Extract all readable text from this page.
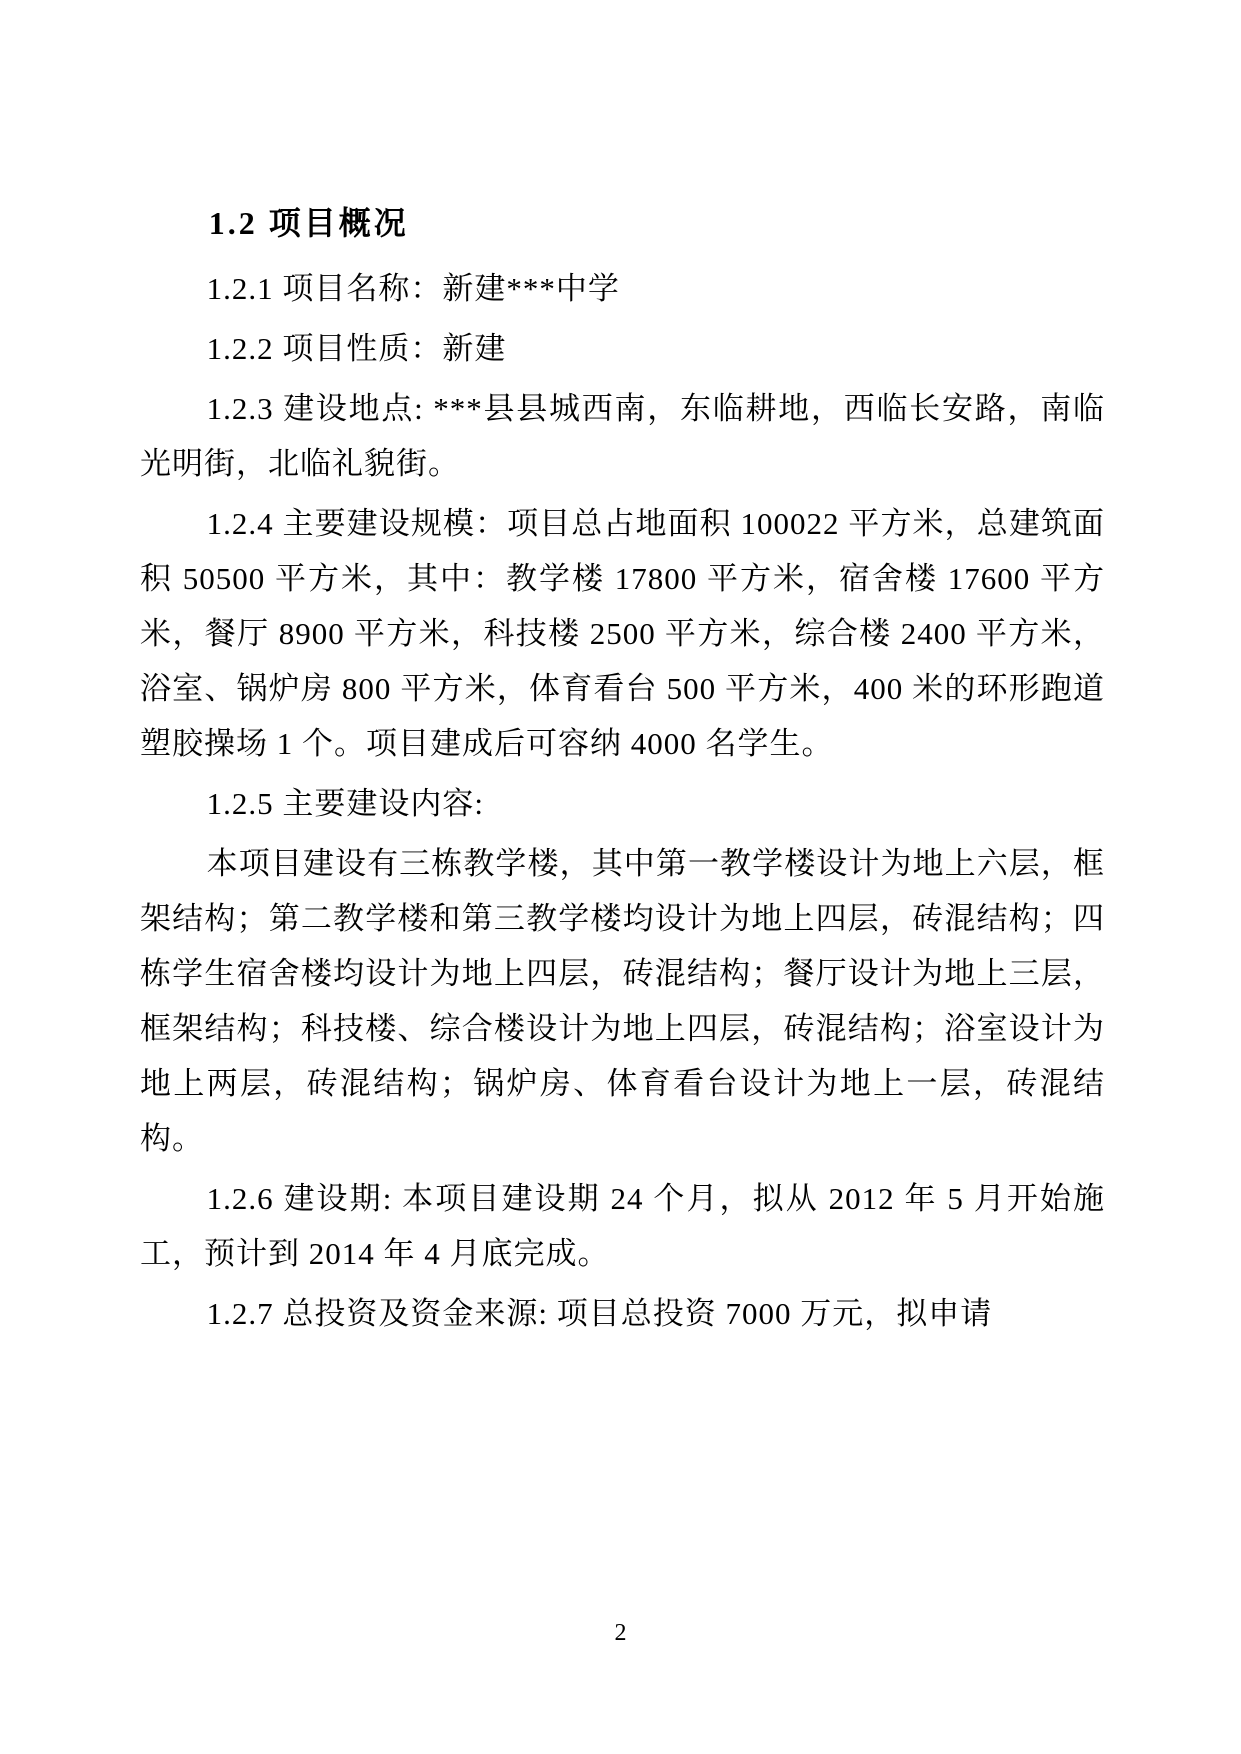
1.2 项目概况

1.2.1 项目名称：新建***中学

1.2.2 项目性质：新建

1.2.3 建设地点: ***县县城西南，东临耕地，西临长安路，南临光明街，北临礼貌街。

1.2.4 主要建设规模：项目总占地面积 100022 平方米，总建筑面积 50500 平方米，其中：教学楼 17800 平方米，宿舍楼 17600 平方米，餐厅 8900 平方米，科技楼 2500 平方米，综合楼 2400 平方米，浴室、锅炉房 800 平方米，体育看台 500 平方米，400 米的环形跑道塑胶操场 1 个。项目建成后可容纳 4000 名学生。

1.2.5 主要建设内容:

本项目建设有三栋教学楼，其中第一教学楼设计为地上六层，框架结构；第二教学楼和第三教学楼均设计为地上四层，砖混结构；四栋学生宿舍楼均设计为地上四层，砖混结构；餐厅设计为地上三层，框架结构；科技楼、综合楼设计为地上四层，砖混结构；浴室设计为地上两层，砖混结构；锅炉房、体育看台设计为地上一层，砖混结构。

1.2.6 建设期: 本项目建设期 24 个月，拟从 2012 年 5 月开始施工，预计到 2014 年 4 月底完成。

1.2.7 总投资及资金来源: 项目总投资 7000 万元，拟申请

2
